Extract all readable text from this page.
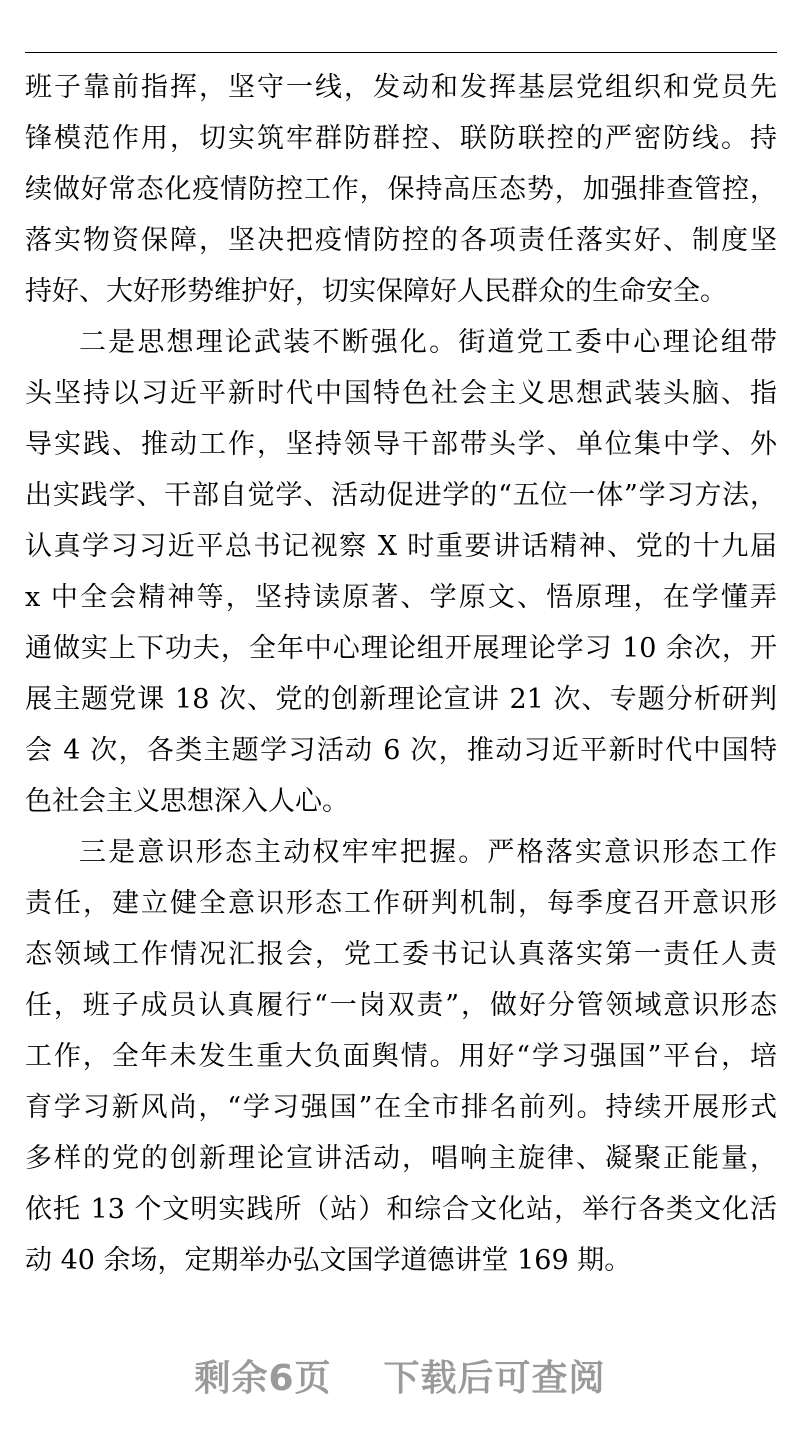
班子靠前指挥，坚守一线，发动和发挥基层党组织和党员先
锋模范作用，切实筑牢群防群控、联防联控的严密防线。持
续做好常态化疫情防控工作，保持高压态势，加强排查管控，
落实物资保障，坚决把疫情防控的各项责任落实好、制度坚
持好、大好形势维护好，切实保障好人民群众的生命安全。
二是思想理论武装不断强化。街道党工委中心理论组带
头坚持以习近平新时代中国特色社会主义思想武装头脑、指
导实践、推动工作，坚持领导干部带头学、单位集中学、外
出实践学、干部自觉学、活动促进学的“五位一体”学习方法，
认真学习习近平总书记视察 X 时重要讲话精神、党的十九届
x 中全会精神等，坚持读原著、学原文、悟原理，在学懂弄
通做实上下功夫，全年中心理论组开展理论学习 10 余次，开
展主题党课 18 次、党的创新理论宣讲 21 次、专题分析研判
会 4 次，各类主题学习活动 6 次，推动习近平新时代中国特
色社会主义思想深入人心。
三是意识形态主动权牢牢把握。严格落实意识形态工作
责任，建立健全意识形态工作研判机制，每季度召开意识形
态领域工作情况汇报会，党工委书记认真落实第一责任人责
任，班子成员认真履行“一岗双责”，做好分管领域意识形态
工作，全年未发生重大负面舆情。用好“学习强国”平台，培
育学习新风尚，“学习强国”在全市排名前列。持续开展形式
多样的党的创新理论宣讲活动，唱响主旋律、凝聚正能量，
依托 13 个文明实践所（站）和综合文化站，举行各类文化活
动 40 余场，定期举办弘文国学道德讲堂 169 期。
剩余6页 下载后可查阅
